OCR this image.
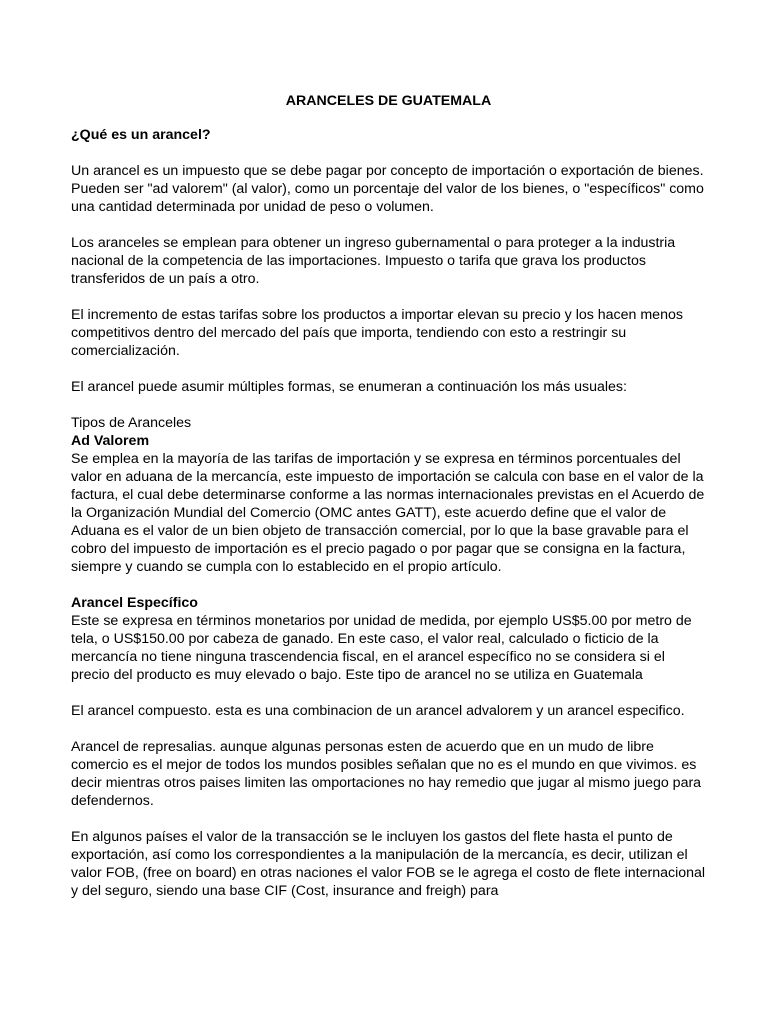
ARANCELES DE GUATEMALA
¿Qué es un arancel?

Un arancel es un impuesto que se debe pagar por concepto de importación o exportación de bienes. Pueden ser "ad valorem" (al valor), como un porcentaje del valor de los bienes, o "específicos" como una cantidad determinada por unidad de peso o volumen.

Los aranceles se emplean para obtener un ingreso gubernamental o para proteger a la industria nacional de la competencia de las importaciones. Impuesto o tarifa que grava los productos transferidos de un país a otro.

El incremento de estas tarifas sobre los productos a importar elevan su precio y los hacen menos competitivos dentro del mercado del país que importa, tendiendo con esto a restringir su comercialización.

El arancel puede asumir múltiples formas, se enumeran a continuación los más usuales:

Tipos de Aranceles
Ad Valorem

Se emplea en la mayoría de las tarifas de importación y se expresa en términos porcentuales del valor en aduana de la mercancía, este impuesto de importación se calcula con base en el valor de la factura, el cual debe determinarse conforme a las normas internacionales previstas en el Acuerdo de la Organización Mundial del Comercio (OMC antes GATT), este acuerdo define que el valor de Aduana es el valor de un bien objeto de transacción comercial, por lo que la base gravable para el cobro del impuesto de importación es el precio pagado o por pagar que se consigna en la factura, siempre y cuando se cumpla con lo establecido en el propio artículo.

Arancel Específico

Este se expresa en términos monetarios por unidad de medida, por ejemplo US$5.00 por metro de tela, o US$150.00 por cabeza de ganado. En este caso, el valor real, calculado o ficticio de la mercancía no tiene ninguna trascendencia fiscal, en el arancel específico no se considera si el precio del producto es muy elevado o bajo. Este tipo de arancel no se utiliza en Guatemala

El arancel compuesto. esta es una combinacion de un arancel advalorem y un arancel especifico.

Arancel de represalias. aunque algunas personas esten de acuerdo que en un mudo de libre comercio es el mejor de todos los mundos posibles señalan que no es el mundo en que vivimos. es decir mientras otros paises limiten las omportaciones no hay remedio que jugar al mismo juego para defendernos.

En algunos países el valor de la transacción se le incluyen los gastos del flete hasta el punto de exportación, así como los correspondientes a la manipulación de la mercancía, es decir, utilizan el valor FOB, (free on board) en otras naciones el valor FOB se le agrega el costo de flete internacional y del seguro, siendo una base CIF (Cost, insurance and freigh) para
